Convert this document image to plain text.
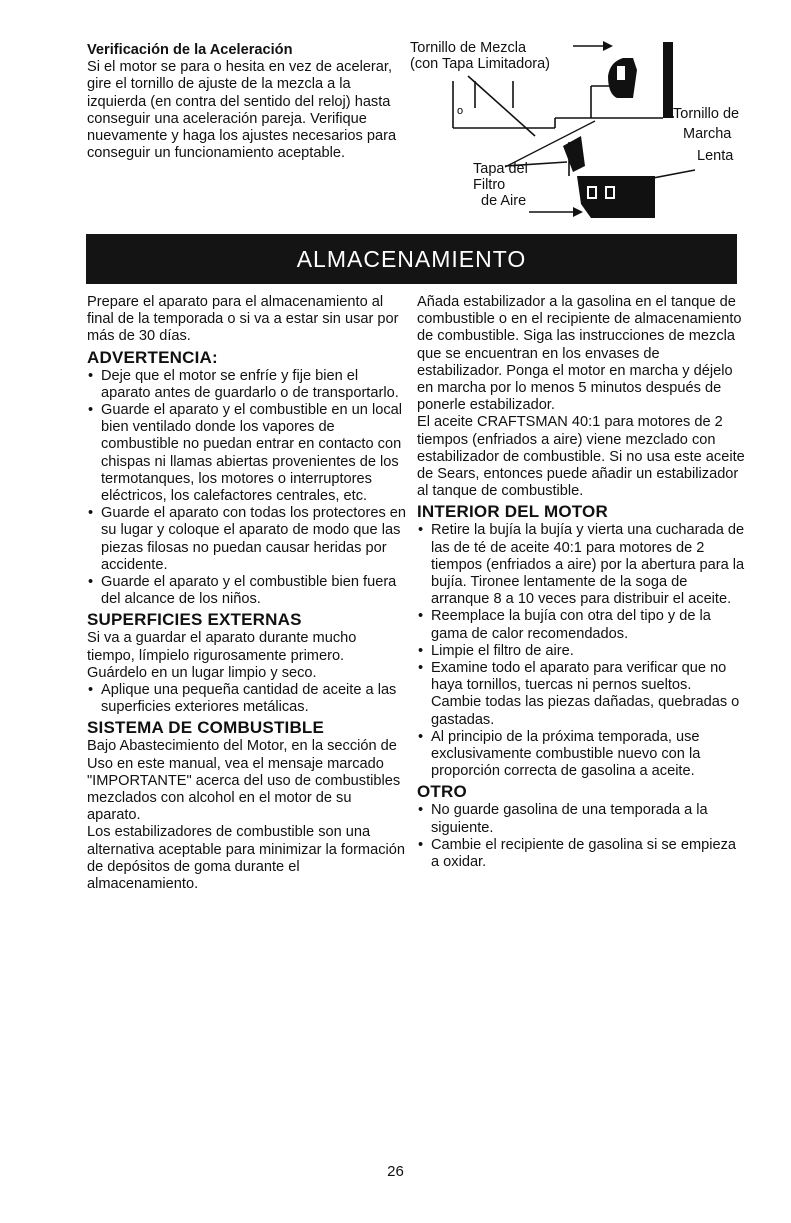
Verificación de la Aceleración

Si el motor se para o hesita en vez de acelerar, gire el tornillo de ajuste de la mezcla a la izquierda (en contra del sentido del reloj) hasta conseguir una aceleración pareja. Verifique nuevamente y haga los ajustes necesarios para conseguir un funcionamiento aceptable.

o
Tornillo de Mezcla
(con Tapa Limitadora)
Tornillo de
Marcha
Lenta
Tapa del
Filtro
de Aire
ALMACENAMIENTO

Prepare el aparato para el almacenamiento al final de la temporada o si va a estar sin usar por más de 30 días.

ADVERTENCIA:
• Deje que el motor se enfríe y fije bien el aparato antes de guardarlo o de transportarlo.
• Guarde el aparato y el combustible en un local bien ventilado donde los vapores de combustible no puedan entrar en contacto con chispas ni llamas abiertas provenientes de los termotanques, los motores o interruptores eléctricos, los calefactores centrales, etc.
• Guarde el aparato con todas los protectores en su lugar y coloque el aparato de modo que las piezas filosas no puedan causar heridas por accidente.
• Guarde el aparato y el combustible bien fuera del alcance de los niños.
SUPERFICIES EXTERNAS

Si va a guardar el aparato durante mucho tiempo, límpielo rigurosamente primero. Guárdelo en un lugar limpio y seco.

• Aplique una pequeña cantidad de aceite a las superficies exteriores metálicas.
SISTEMA DE COMBUSTIBLE

Bajo Abastecimiento del Motor, en la sección de Uso en este manual, vea el mensaje marcado "IMPORTANTE" acerca del uso de combustibles mezclados con alcohol en el motor de su aparato.

Los estabilizadores de combustible son una alternativa aceptable para minimizar la formación de depósitos de goma durante el almacenamiento.

Añada estabilizador a la gasolina en el tanque de combustible o en el recipiente de almacenamiento de combustible. Siga las instrucciones de mezcla que se encuentran en los envases de estabilizador. Ponga el motor en marcha y déjelo en marcha por lo menos 5 minutos después de ponerle estabilizador.

El aceite CRAFTSMAN 40:1 para motores de 2 tiempos (enfriados a aire) viene mezclado con estabilizador de combustible. Si no usa este aceite de Sears, entonces puede añadir un estabilizador al tanque de combustible.

INTERIOR DEL MOTOR
• Retire la bujía la bujía y vierta una cucharada de las de té de aceite 40:1 para motores de 2 tiempos (enfriados a aire) por la abertura para la bujía. Tironee lentamente de la soga de arranque 8 a 10 veces para distribuir el aceite.
• Reemplace la bujía con otra del tipo y de la gama de calor recomendados.
• Limpie el filtro de aire.
• Examine todo el aparato para verificar que no haya tornillos, tuercas ni pernos sueltos. Cambie todas las piezas dañadas, quebradas o gastadas.
• Al principio de la próxima temporada, use exclusivamente combustible nuevo con la proporción correcta de gasolina a aceite.
OTRO
• No guarde gasolina de una temporada a la siguiente.
• Cambie el recipiente de gasolina si se empieza a oxidar.
26
